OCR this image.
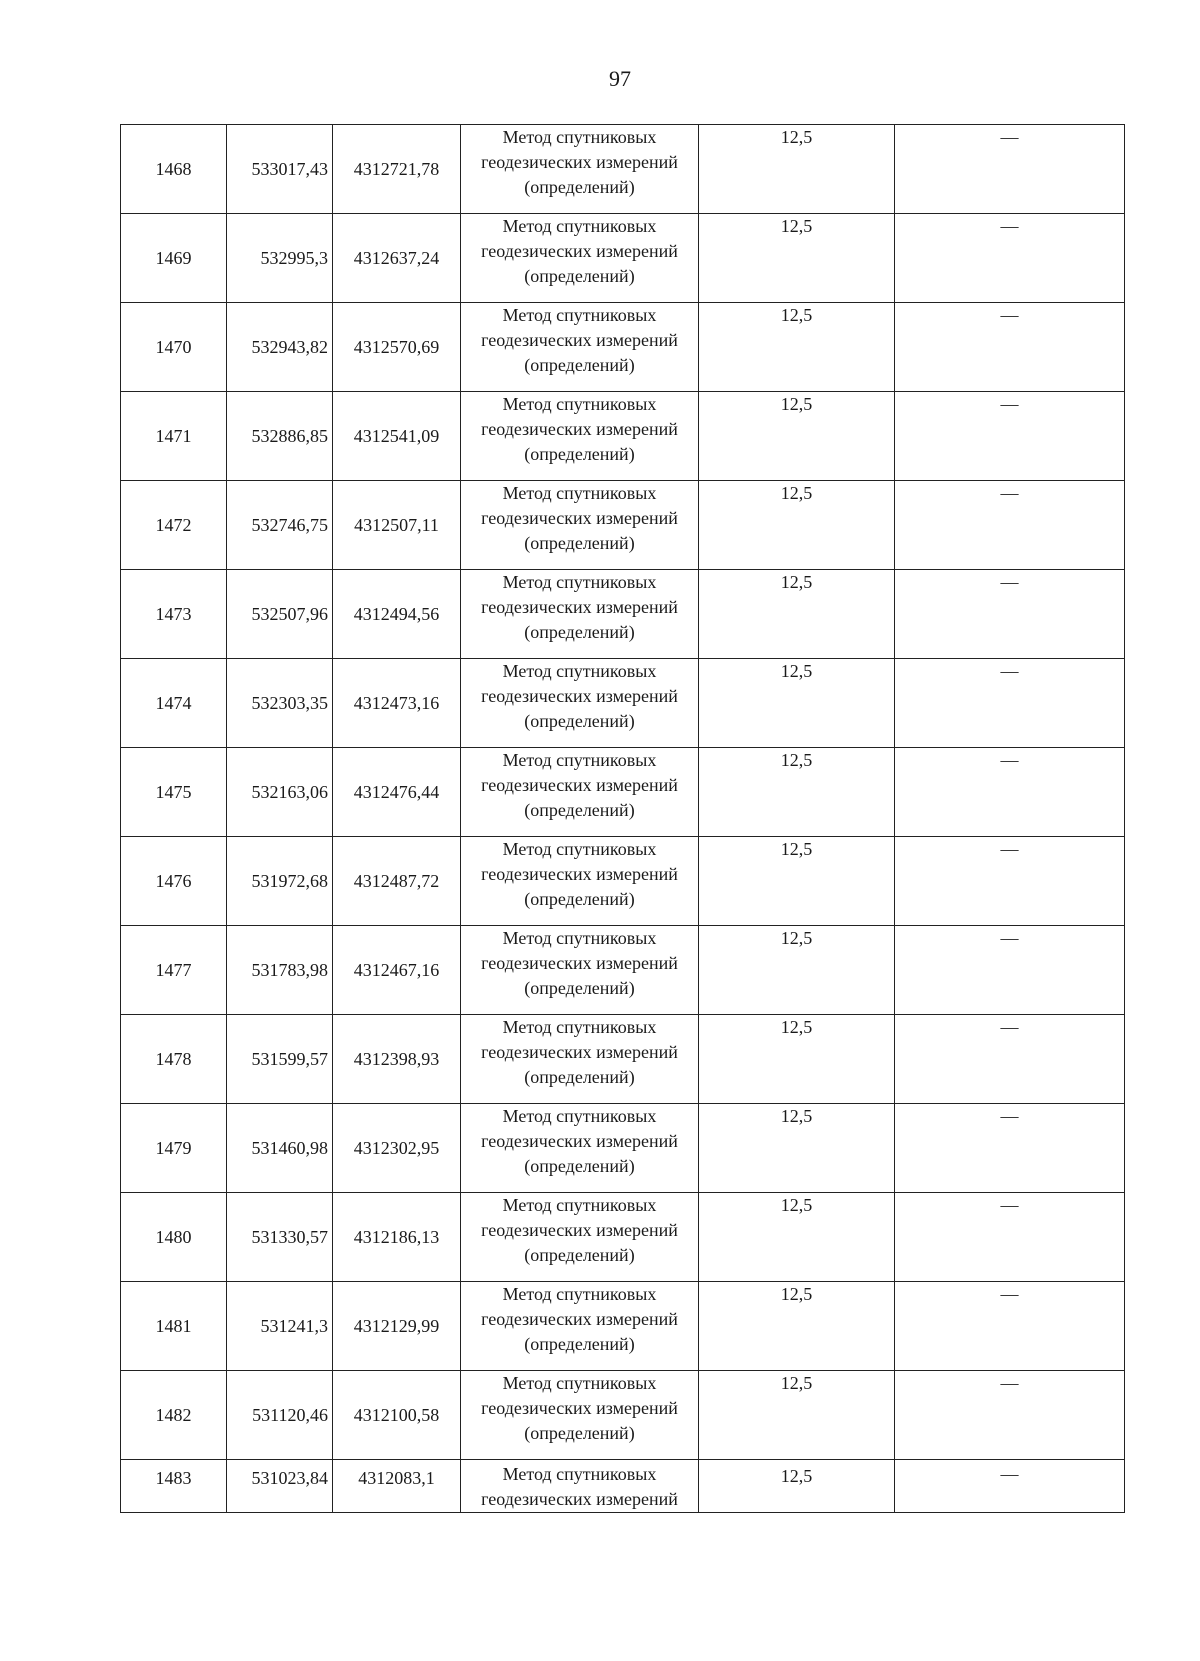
97
1468	533017,43	4312721,78	Метод спутниковых
геодезических измерений
(определений)	12,5	—
1469	532995,3	4312637,24	Метод спутниковых
геодезических измерений
(определений)	12,5	—
1470	532943,82	4312570,69	Метод спутниковых
геодезических измерений
(определений)	12,5	—
1471	532886,85	4312541,09	Метод спутниковых
геодезических измерений
(определений)	12,5	—
1472	532746,75	4312507,11	Метод спутниковых
геодезических измерений
(определений)	12,5	—
1473	532507,96	4312494,56	Метод спутниковых
геодезических измерений
(определений)	12,5	—
1474	532303,35	4312473,16	Метод спутниковых
геодезических измерений
(определений)	12,5	—
1475	532163,06	4312476,44	Метод спутниковых
геодезических измерений
(определений)	12,5	—
1476	531972,68	4312487,72	Метод спутниковых
геодезических измерений
(определений)	12,5	—
1477	531783,98	4312467,16	Метод спутниковых
геодезических измерений
(определений)	12,5	—
1478	531599,57	4312398,93	Метод спутниковых
геодезических измерений
(определений)	12,5	—
1479	531460,98	4312302,95	Метод спутниковых
геодезических измерений
(определений)	12,5	—
1480	531330,57	4312186,13	Метод спутниковых
геодезических измерений
(определений)	12,5	—
1481	531241,3	4312129,99	Метод спутниковых
геодезических измерений
(определений)	12,5	—
1482	531120,46	4312100,58	Метод спутниковых
геодезических измерений
(определений)	12,5	—
1483	531023,84	4312083,1	Метод спутниковых
геодезических измерений	12,5	—
